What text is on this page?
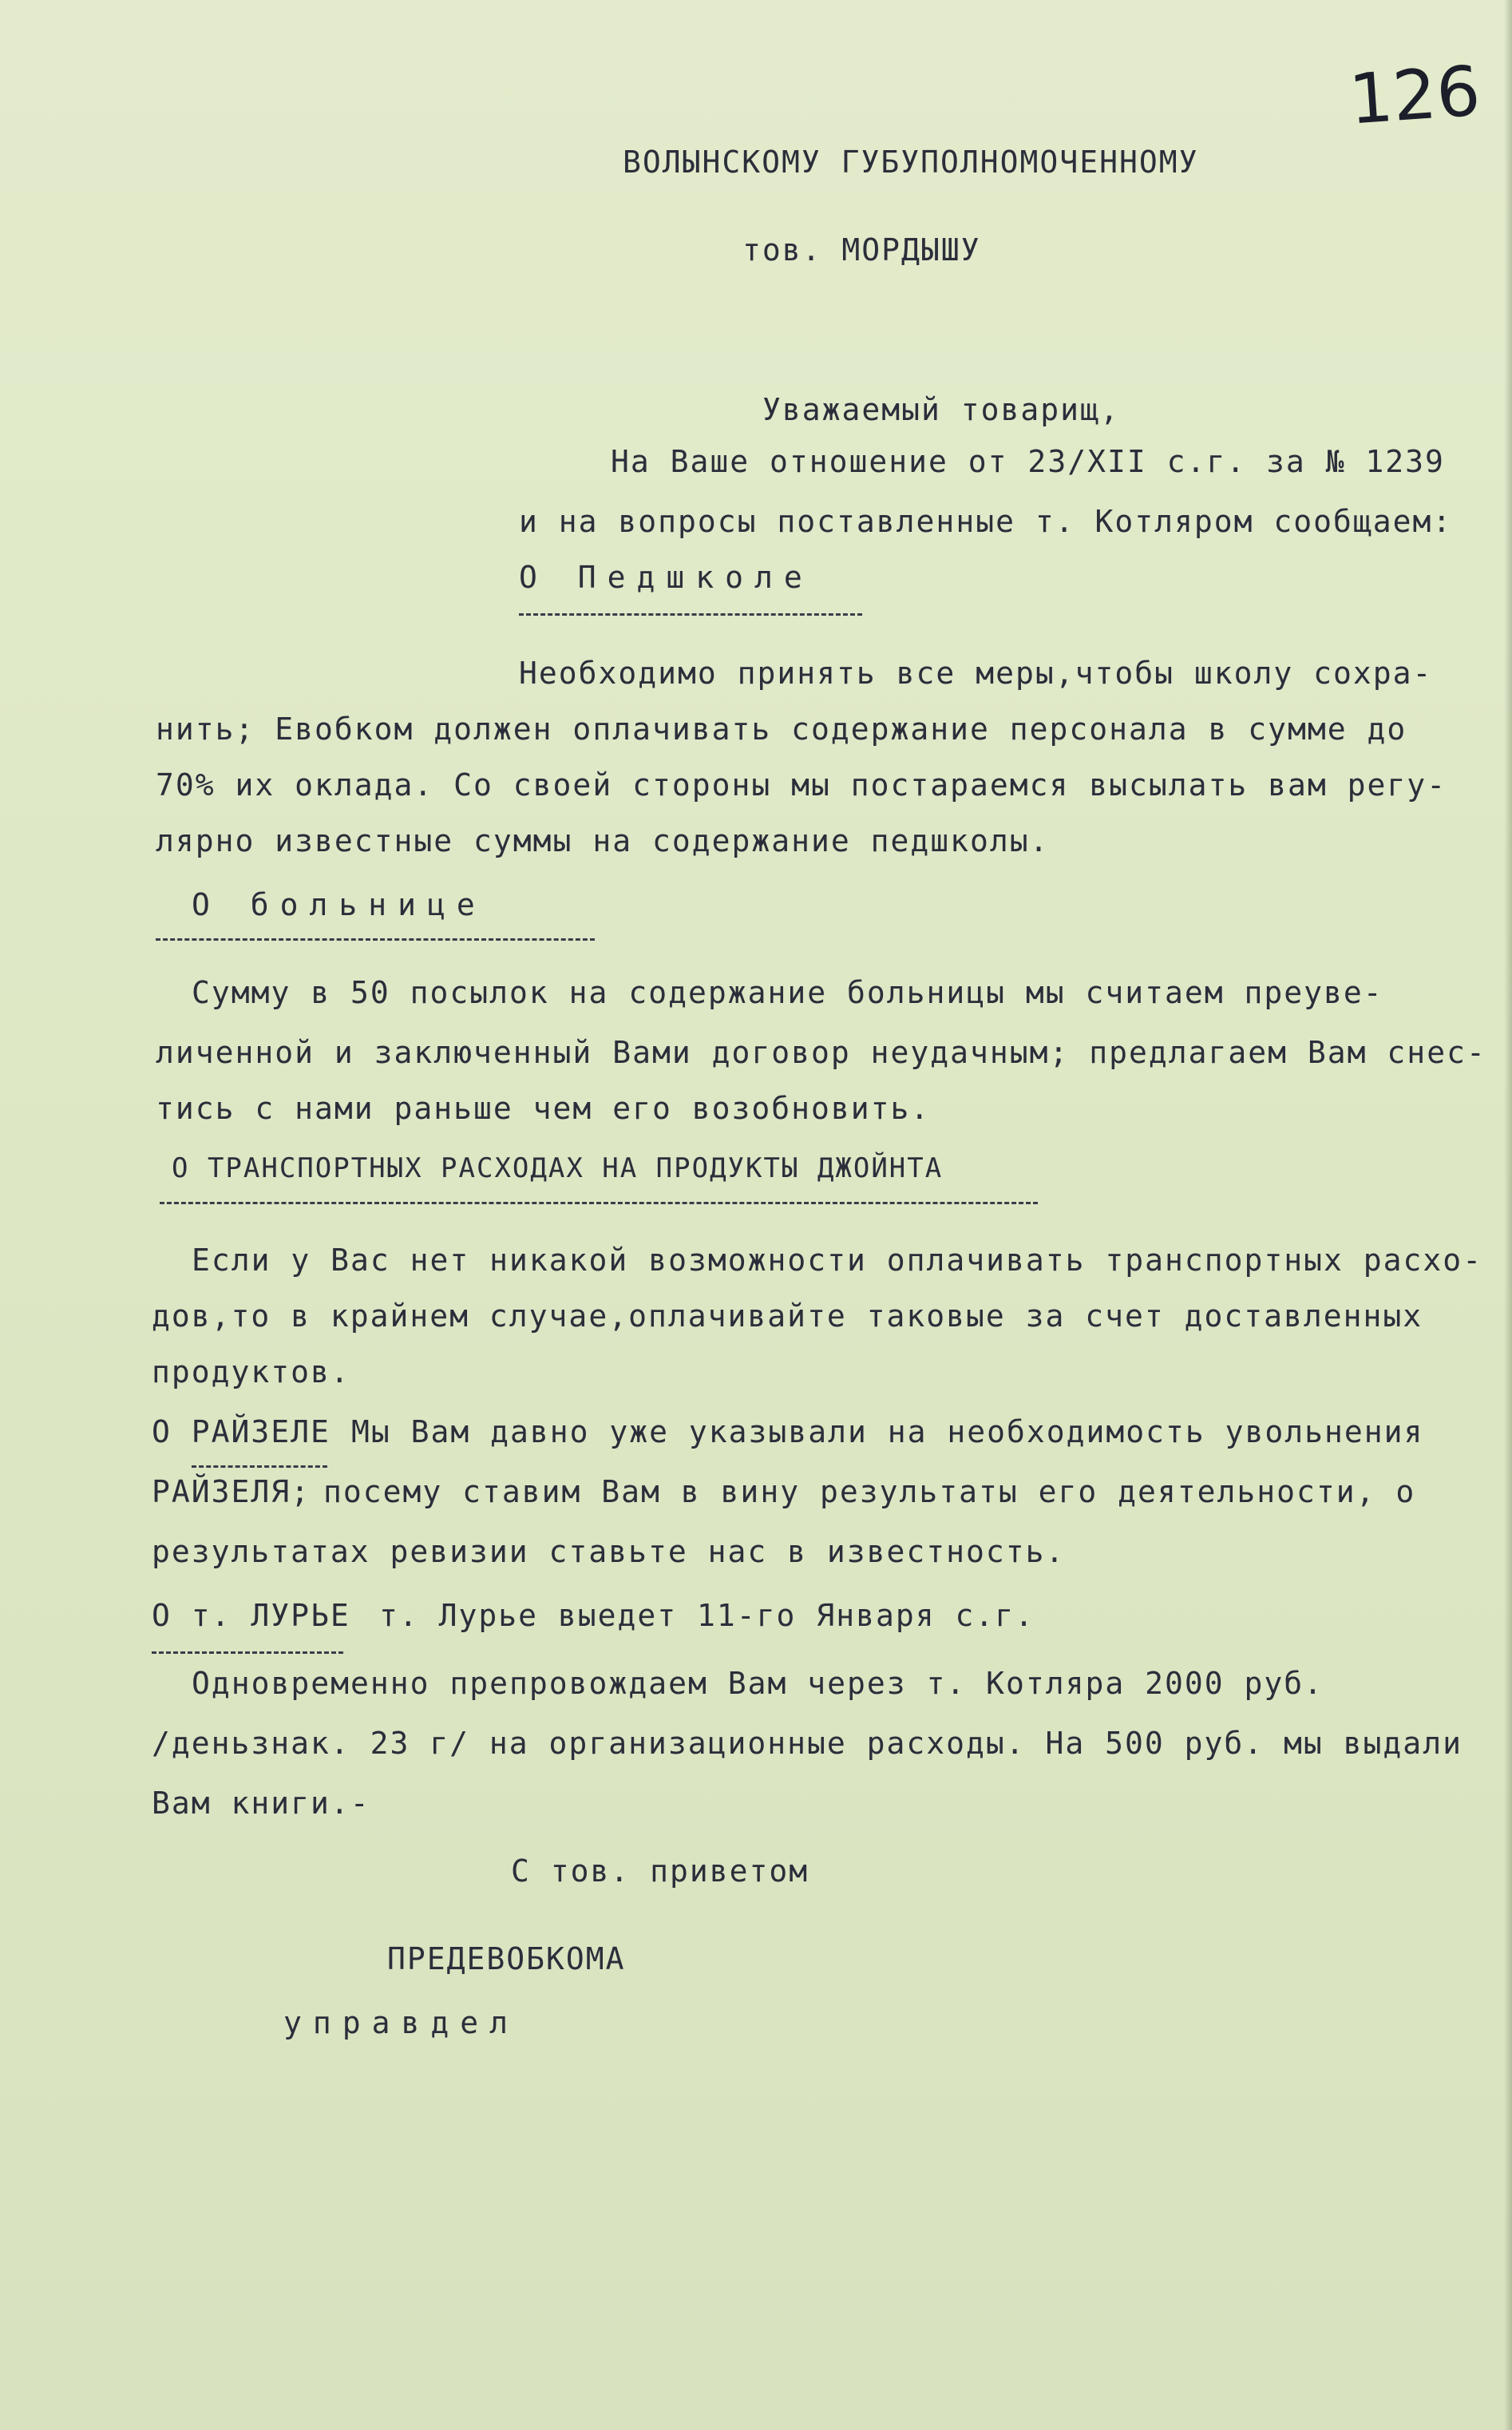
126
ВОЛЫНСКОМУ ГУБУПОЛНОМОЧЕННОМУ
тов. МОРДЫШУ
Уважаемый товарищ,
На Ваше отношение от 23/XII с.г. за № 1239
и на вопросы поставленные т. Котляром сообщаем:
О Педшколе
Необходимо принять все меры,чтобы школу сохра-
нить; Евобком должен оплачивать содержание персонала в сумме до
70% их оклада. Со своей стороны мы постараемся высылать вам регу-
лярно известные суммы на содержание педшколы.
О больнице
Сумму в 50 посылок на содержание больницы мы считаем преуве-
личенной и заключенный Вами договор неудачным; предлагаем Вам снес-
тись с нами раньше чем его возобновить.
О ТРАНСПОРТНЫХ РАСХОДАХ НА ПРОДУКТЫ ДЖОЙНТА
Если у Вас нет никакой возможности оплачивать транспортных расхо-
дов,то в крайнем случае,оплачивайте таковые за счет доставленных
продуктов.
О РАЙЗЕЛЕ Мы Вам давно уже указывали на необходимость увольнения
РАЙЗЕЛЯ; посему ставим Вам в вину результаты его деятельности, о
результатах ревизии ставьте нас в известность.
О т. ЛУРЬЕ т. Лурье выедет 11-го Января с.г.
Одновременно препровождаем Вам через т. Котляра 2000 руб.
/деньзнак. 23 г/ на организационные расходы. На 500 руб. мы выдали
Вам книги.-
С тов. приветом
ПРЕДЕВОБКОМА
управдел
